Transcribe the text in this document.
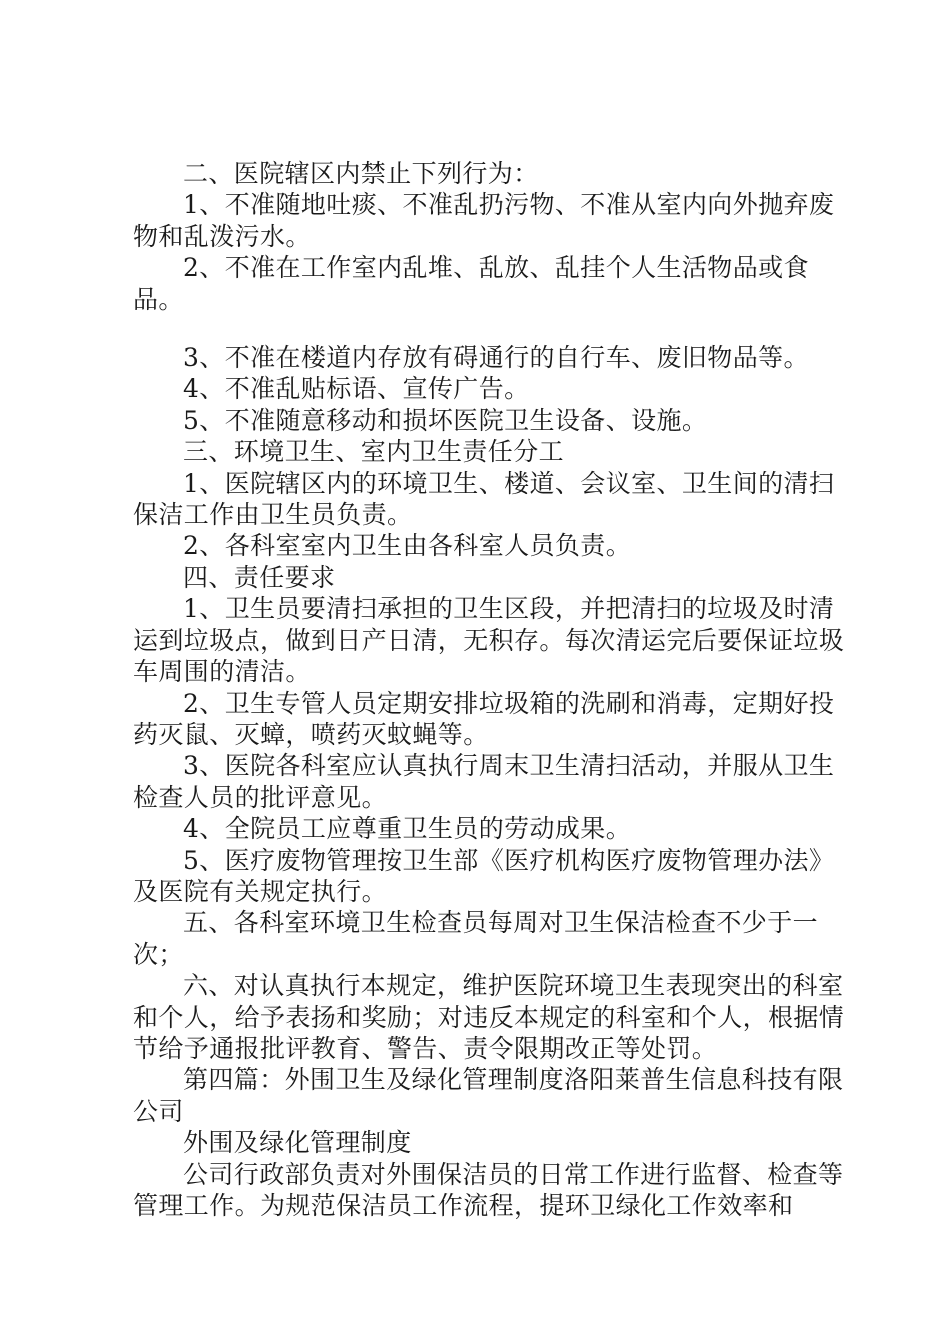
二、医院辖区内禁止下列行为：

1、不准随地吐痰、不准乱扔污物、不准从室内向外抛弃废物和乱泼污水。

2、不准在工作室内乱堆、乱放、乱挂个人生活物品或食品。

3、不准在楼道内存放有碍通行的自行车、废旧物品等。

4、不准乱贴标语、宣传广告。

5、不准随意移动和损坏医院卫生设备、设施。

三、环境卫生、室内卫生责任分工

1、医院辖区内的环境卫生、楼道、会议室、卫生间的清扫保洁工作由卫生员负责。

2、各科室室内卫生由各科室人员负责。

四、责任要求

1、卫生员要清扫承担的卫生区段，并把清扫的垃圾及时清运到垃圾点，做到日产日清，无积存。每次清运完后要保证垃圾车周围的清洁。

2、卫生专管人员定期安排垃圾箱的洗刷和消毒，定期好投药灭鼠、灭蟑，喷药灭蚊蝇等。

3、医院各科室应认真执行周末卫生清扫活动，并服从卫生检查人员的批评意见。

4、全院员工应尊重卫生员的劳动成果。

5、医疗废物管理按卫生部《医疗机构医疗废物管理办法》及医院有关规定执行。

五、各科室环境卫生检查员每周对卫生保洁检查不少于一次；

六、对认真执行本规定，维护医院环境卫生表现突出的科室和个人，给予表扬和奖励；对违反本规定的科室和个人，根据情节给予通报批评教育、警告、责令限期改正等处罚。

第四篇：外围卫生及绿化管理制度洛阳莱普生信息科技有限公司

外围及绿化管理制度

公司行政部负责对外围保洁员的日常工作进行监督、检查等管理工作。为规范保洁员工作流程，提环卫绿化工作效率和
